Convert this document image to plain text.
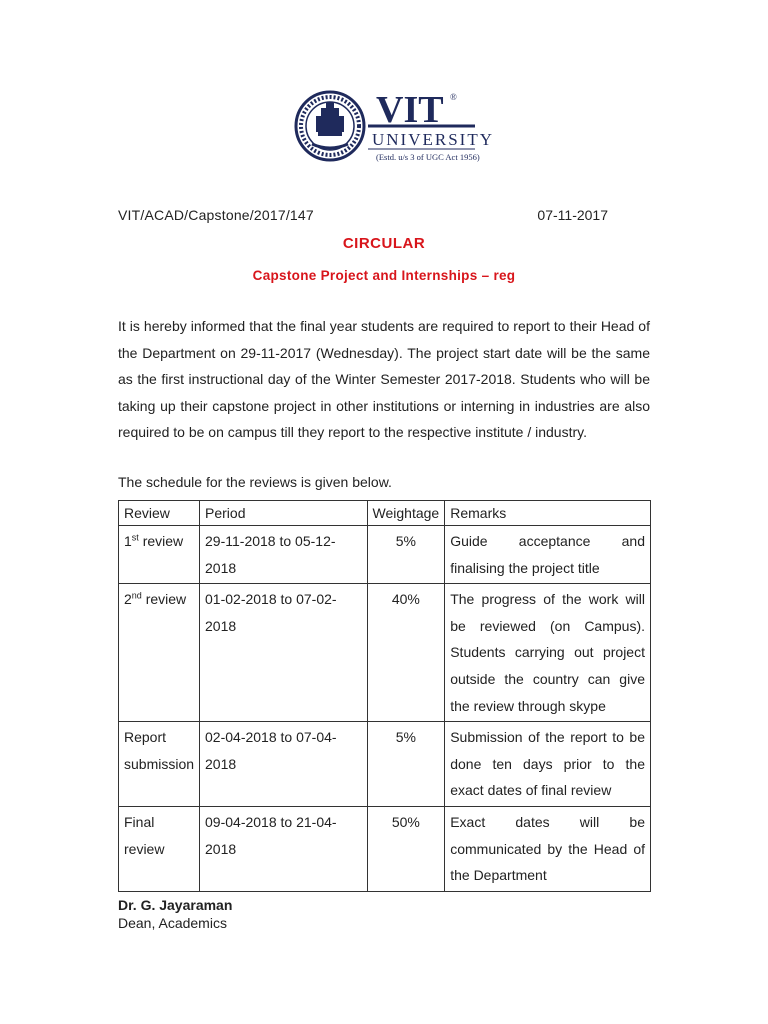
VIT ®
UNIVERSITY
(Estd. u/s 3 of UGC Act 1956)
VIT/ACAD/Capstone/2017/147	07-11-2017
CIRCULAR
Capstone Project and Internships – reg

It is hereby informed that the final year students are required to report to their Head of the Department on 29-11-2017 (Wednesday). The project start date will be the same as the first instructional day of the Winter Semester 2017-2018. Students who will be taking up their capstone project in other institutions or interning in industries are also required to be on campus till they report to the respective institute / industry.

The schedule for the reviews is given below.
Review	Period	Weightage	Remarks
1st review	29-11-2018 to 05-12-2018	5%	Guide acceptance and finalising the project title
2nd review	01-02-2018 to 07-02-2018	40%	The progress of the work will be reviewed (on Campus). Students carrying out project outside the country can give the review through skype
Report submission	02-04-2018 to 07-04-2018	5%	Submission of the report to be done ten days prior to the exact dates of final review
Final review	09-04-2018 to 21-04-2018	50%	Exact dates will be communicated by the Head of the Department
Dr. G. Jayaraman
Dean, Academics
